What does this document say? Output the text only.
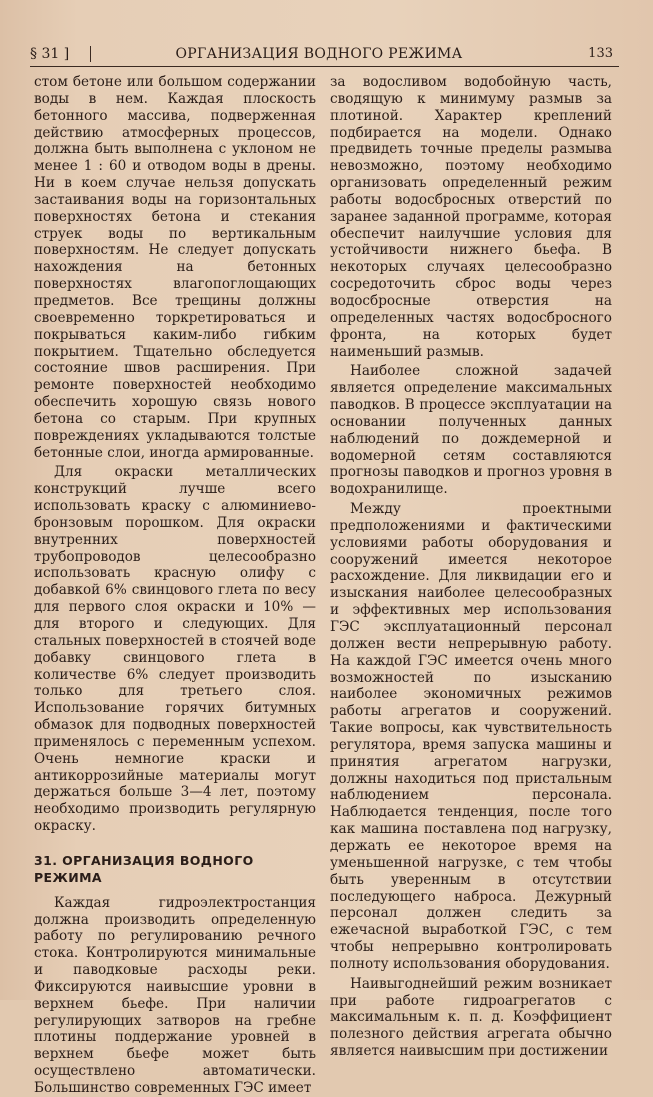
§ 31 ]	ОРГАНИЗАЦИЯ ВОДНОГО РЕЖИМА	133

стом бетоне или большом содержании воды в нем. Каждая плоскость бетонного массива, подверженная действию атмосферных процессов, должна быть выполнена с уклоном не менее 1 : 60 и отводом воды в дрены. Ни в коем случае нельзя допускать застаивания воды на горизонтальных поверхностях бетона и стекания струек воды по вертикальным поверхностям. Не следует допускать нахождения на бетонных поверхностях влагопоглощающих предметов. Все трещины должны своевременно торкретироваться и покрываться каким-либо гибким покрытием. Тщательно обследуется состояние швов расширения. При ремонте поверхностей необходимо обеспечить хорошую связь нового бетона со старым. При крупных повреждениях укладываются толстые бетонные слои, иногда армированные.

Для окраски металлических конструкций лучше всего использовать краску с алюминиево-бронзовым порошком. Для окраски внутренних поверхностей трубопроводов целесообразно использовать красную олифу с добавкой 6% свинцового глета по весу для первого слоя окраски и 10% — для второго и следующих. Для стальных поверхностей в стоячей воде добавку свинцового глета в количестве 6% следует производить только для третьего слоя. Использование горячих битумных обмазок для подводных поверхностей применялось с переменным успехом. Очень немногие краски и антикоррозийные материалы могут держаться больше 3—4 лет, поэтому необходимо производить регулярную окраску.

31. ОРГАНИЗАЦИЯ ВОДНОГО РЕЖИМА

Каждая гидроэлектростанция должна производить определенную работу по регулированию речного стока. Контролируются минимальные и паводковые расходы реки. Фиксируются наивысшие уровни в верхнем бьефе. При наличии регулирующих затворов на гребне плотины поддержание уровней в верхнем бьефе может быть осуществлено автоматически. Большинство современных ГЭС имеет

за водосливом водобойную часть, сводящую к минимуму размыв за плотиной. Характер креплений подбирается на модели. Однако предвидеть точные пределы размыва невозможно, поэтому необходимо организовать определенный режим работы водосбросных отверстий по заранее заданной программе, которая обеспечит наилучшие условия для устойчивости нижнего бьефа. В некоторых случаях целесообразно сосредоточить сброс воды через водосбросные отверстия на определенных частях водосбросного фронта, на которых будет наименьший размыв.

Наиболее сложной задачей является определение максимальных паводков. В процессе эксплуатации на основании полученных данных наблюдений по дождемерной и водомерной сетям составляются прогнозы паводков и прогноз уровня в водохранилище.

Между проектными предположениями и фактическими условиями работы оборудования и сооружений имеется некоторое расхождение. Для ликвидации его и изыскания наиболее целесообразных и эффективных мер использования ГЭС эксплуатационный персонал должен вести непрерывную работу. На каждой ГЭС имеется очень много возможностей по изысканию наиболее экономичных режимов работы агрегатов и сооружений. Такие вопросы, как чувствительность регулятора, время запуска машины и принятия агрегатом нагрузки, должны находиться под пристальным наблюдением персонала. Наблюдается тенденция, после того как машина поставлена под нагрузку, держать ее некоторое время на уменьшенной нагрузке, с тем чтобы быть уверенным в отсутствии последующего наброса. Дежурный персонал должен следить за ежечасной выработкой ГЭС, с тем чтобы непрерывно контролировать полноту использования оборудования.

Наивыгоднейший режим возникает при работе гидроагрегатов с максимальным к. п. д. Коэффициент полезного действия агрегата обычно является наивысшим при достижении
